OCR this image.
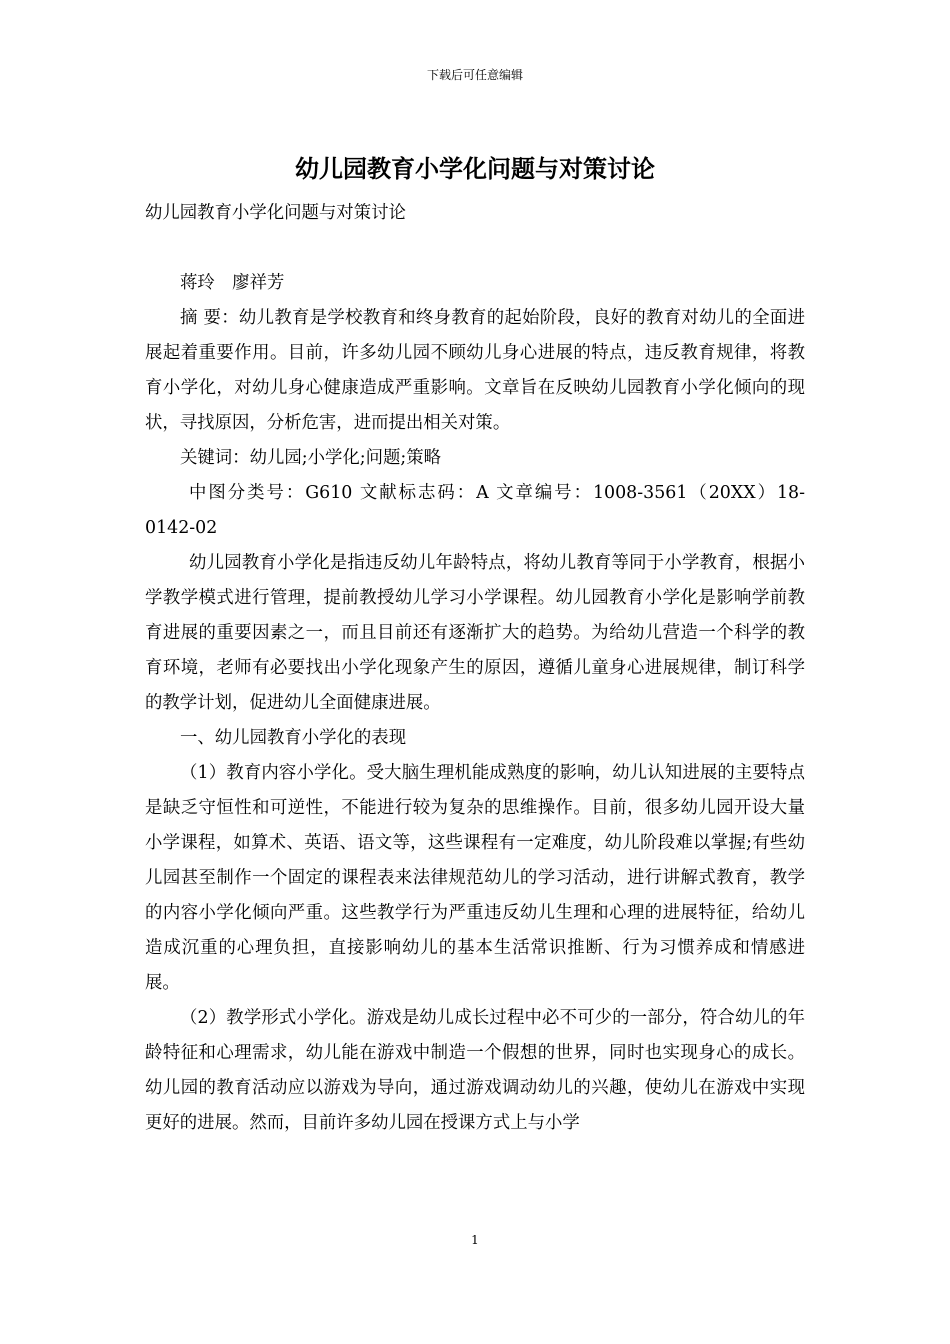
下载后可任意编辑
幼儿园教育小学化问题与对策讨论

幼儿园教育小学化问题与对策讨论

蒋玲　廖祥芳

摘 要：幼儿教育是学校教育和终身教育的起始阶段，良好的教育对幼儿的全面进展起着重要作用。目前，许多幼儿园不顾幼儿身心进展的特点，违反教育规律，将教育小学化，对幼儿身心健康造成严重影响。文章旨在反映幼儿园教育小学化倾向的现状，寻找原因，分析危害，进而提出相关对策。

关键词：幼儿园;小学化;问题;策略

中图分类号：G610 文献标志码：A 文章编号：1008-3561（20XX）18-0142-02

幼儿园教育小学化是指违反幼儿年龄特点，将幼儿教育等同于小学教育，根据小学教学模式进行管理，提前教授幼儿学习小学课程。幼儿园教育小学化是影响学前教育进展的重要因素之一，而且目前还有逐渐扩大的趋势。为给幼儿营造一个科学的教育环境，老师有必要找出小学化现象产生的原因，遵循儿童身心进展规律，制订科学的教学计划，促进幼儿全面健康进展。

一、幼儿园教育小学化的表现

（1）教育内容小学化。受大脑生理机能成熟度的影响，幼儿认知进展的主要特点是缺乏守恒性和可逆性，不能进行较为复杂的思维操作。目前，很多幼儿园开设大量小学课程，如算术、英语、语文等，这些课程有一定难度，幼儿阶段难以掌握;有些幼儿园甚至制作一个固定的课程表来法律规范幼儿的学习活动，进行讲解式教育，教学的内容小学化倾向严重。这些教学行为严重违反幼儿生理和心理的进展特征，给幼儿造成沉重的心理负担，直接影响幼儿的基本生活常识推断、行为习惯养成和情感进展。

（2）教学形式小学化。游戏是幼儿成长过程中必不可少的一部分，符合幼儿的年龄特征和心理需求，幼儿能在游戏中制造一个假想的世界，同时也实现身心的成长。幼儿园的教育活动应以游戏为导向，通过游戏调动幼儿的兴趣，使幼儿在游戏中实现更好的进展。然而，目前许多幼儿园在授课方式上与小学

1
